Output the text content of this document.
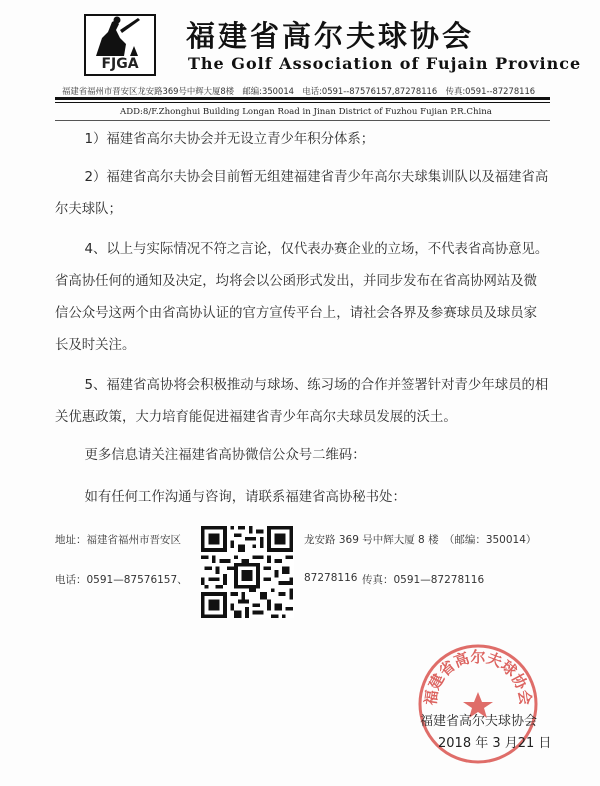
FJGA
福建省高尔夫球协会
The Golf Association of Fujain Province
福建省福州市晋安区龙安路369号中辉大厦8楼　邮编:350014　电话:0591--87576157,87278116　传真:0591--87278116
ADD:8/F.Zhonghui Building Longan Road in Jinan District of Fuzhou Fujian P.R.China
1）福建省高尔夫协会并无设立青少年积分体系；
2）福建省高尔夫协会目前暂无组建福建省青少年高尔夫球集训队以及福建省高尔夫球队；
4、以上与实际情况不符之言论，仅代表办赛企业的立场，不代表省高协意见。省高协任何的通知及决定，均将会以公函形式发出，并同步发布在省高协网站及微信公众号这两个由省高协认证的官方宣传平台上，请社会各界及参赛球员及球员家长及时关注。
5、福建省高协将会积极推动与球场、练习场的合作并签署针对青少年球员的相关优惠政策，大力培育能促进福建省青少年高尔夫球员发展的沃土。
更多信息请关注福建省高协微信公众号二维码：
如有任何工作沟通与咨询，请联系福建省高协秘书处：
地址：福建省福州市晋安区	龙安路 369 号中辉大厦 8 楼　（邮编：350014）
电话：0591—87576157、	87278116 传真：0591—87278116
福建省高尔夫球协会
福建省高尔夫球协会
2018 年 3 月21 日
